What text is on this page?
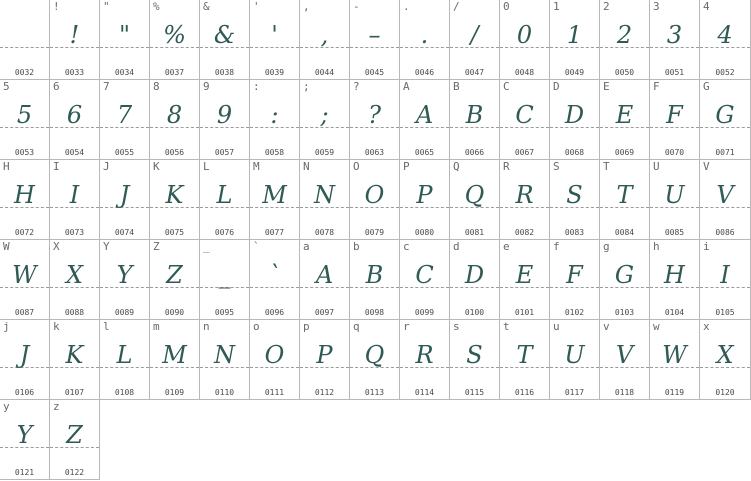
0032
!
!
0033
"
"
0034
%
%
0037
&
&
0038
'
'
0039
,
,
0044
-
–
0045
.
.
0046
/
/
0047
0
0
0048
1
1
0049
2
2
0050
3
3
0051
4
4
0052
5
5
0053
6
6
0054
7
7
0055
8
8
0056
9
9
0057
:
:
0058
;
;
0059
?
?
0063
A
A
0065
B
B
0066
C
C
0067
D
D
0068
E
E
0069
F
F
0070
G
G
0071
H
H
0072
I
I
0073
J
J
0074
K
K
0075
L
L
0076
M
M
0077
N
N
0078
O
O
0079
P
P
0080
Q
Q
0081
R
R
0082
S
S
0083
T
T
0084
U
U
0085
V
V
0086
W
W
0087
X
X
0088
Y
Y
0089
Z
Z
0090
_
_
0095
`
`
0096
a
A
0097
b
B
0098
c
C
0099
d
D
0100
e
E
0101
f
F
0102
g
G
0103
h
H
0104
i
I
0105
j
J
0106
k
K
0107
l
L
0108
m
M
0109
n
N
0110
o
O
0111
p
P
0112
q
Q
0113
r
R
0114
s
S
0115
t
T
0116
u
U
0117
v
V
0118
w
W
0119
x
X
0120
y
Y
0121
z
Z
0122
